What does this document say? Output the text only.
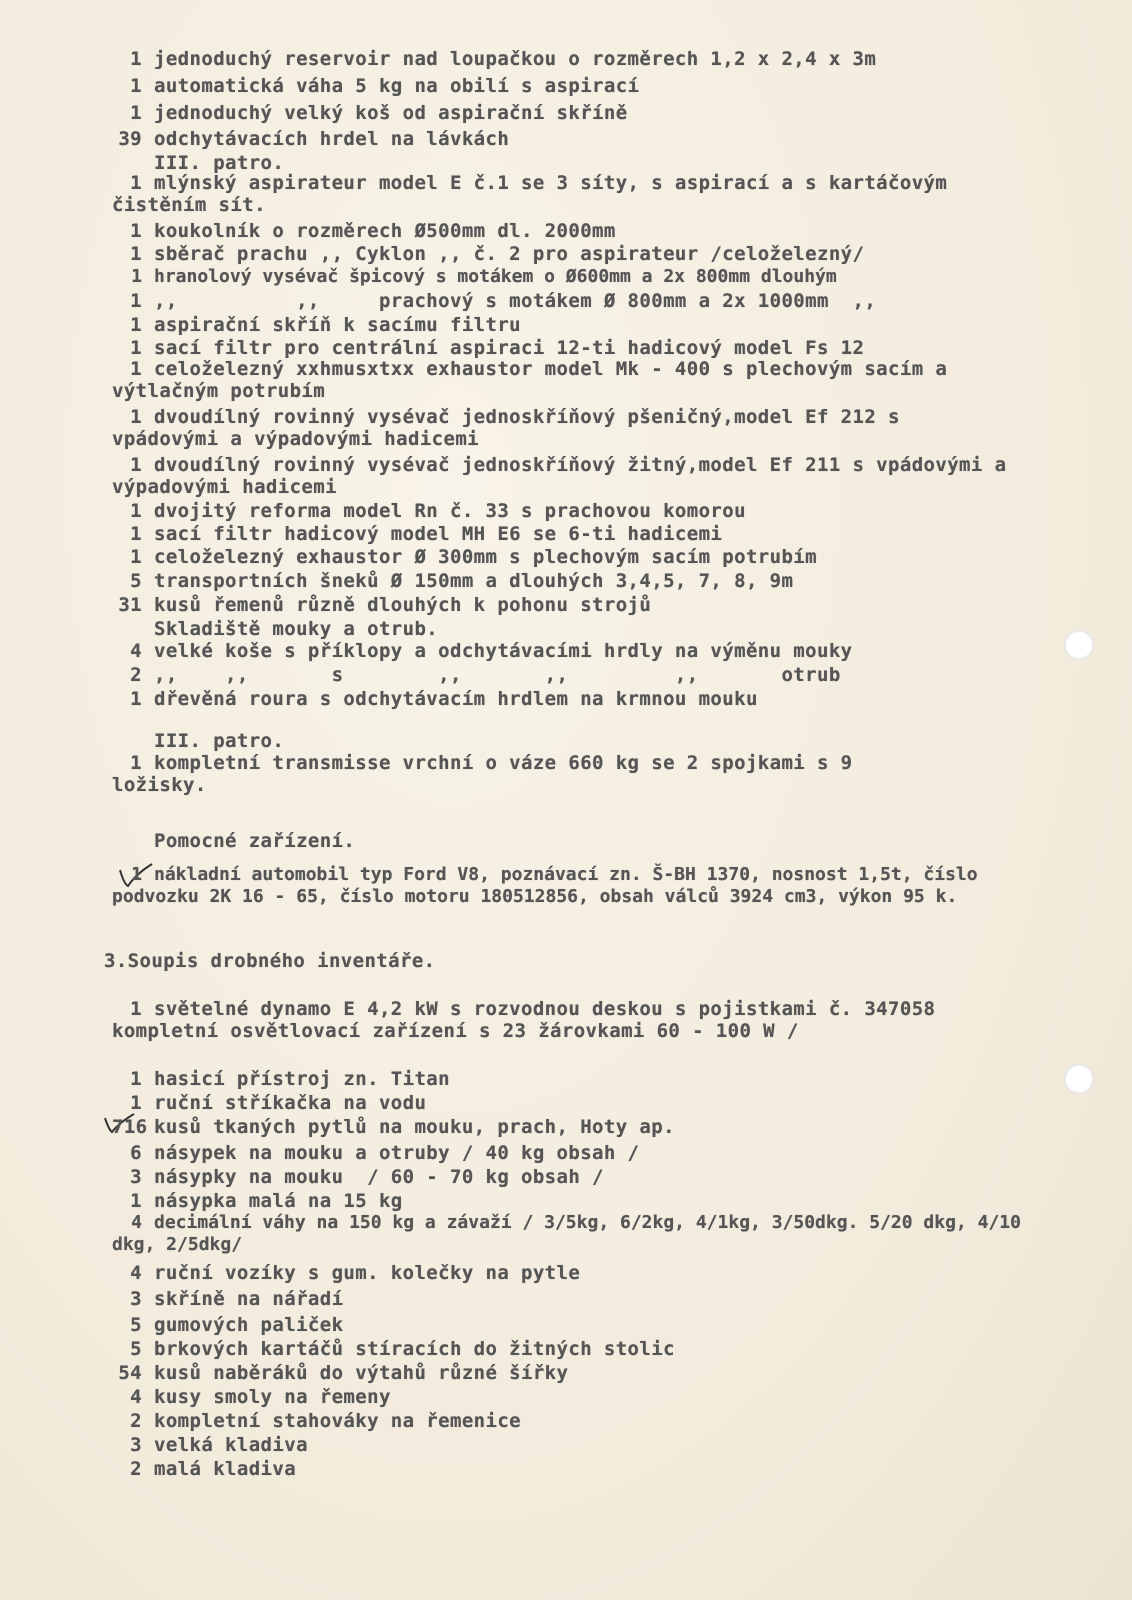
1 jednoduchý reservoir nad loupačkou o rozměrech 1,2 x 2,4 x 3m
1 automatická váha 5 kg na obilí s aspirací
1 jednoduchý velký koš od aspirační skříně
39 odchytávacích hrdel na lávkách
III. patro.
1 mlýnský aspirateur model E č.1 se 3 síty, s aspirací a s kartáčovým čistěním sít.
1 koukolník o rozměrech Ø500mm dl. 2000mm
1 sběrač prachu ,, Cyklon ,, č. 2 pro aspirateur /celoželezný/
1 hranolový vysévač špicový s motákem o Ø600mm a 2x 800mm dlouhým
1 ,,          ,,     prachový s motákem Ø 800mm a 2x 1000mm  ,,
1 aspirační skříň k sacímu filtru
1 sací filtr pro centrální aspiraci 12-ti hadicový model Fs 12
1 celoželezný xxhmusxtxx exhaustor model Mk - 400 s plechovým sacím a výtlačným potrubím
1 dvoudílný rovinný vysévač jednoskříňový pšeničný,model Ef 212 s vpádovými a výpadovými hadicemi
1 dvoudílný rovinný vysévač jednoskříňový žitný,model Ef 211 s vpádovými a výpadovými hadicemi
1 dvojitý reforma model Rn č. 33 s prachovou komorou
1 sací filtr hadicový model MH E6 se 6-ti hadicemi
1 celoželezný exhaustor Ø 300mm s plechovým sacím potrubím
5 transportních šneků Ø 150mm a dlouhých 3,4,5, 7, 8, 9m
31 kusů řemenů různě dlouhých k pohonu strojů
Skladiště mouky a otrub.
4 velké koše s příklopy a odchytávacími hrdly na výměnu mouky
2 ,,    ,,       s        ,,       ,,         ,,       otrub
1 dřevěná roura s odchytávacím hrdlem na krmnou mouku
III. patro.
1 kompletní transmisse vrchní o váze 660 kg se 2 spojkami s 9 ložisky.
Pomocné zařízení.
1 nákladní automobil typ Ford V8, poznávací zn. Š-BH 1370, nosnost 1,5t, číslo podvozku 2K 16 - 65, číslo motoru 180512856, obsah válců 3924 cm3, výkon 95 k.
3.Soupis drobného inventáře.
1 světelné dynamo E 4,2 kW s rozvodnou deskou s pojistkami č. 347058 kompletní osvětlovací zařízení s 23 žárovkami 60 - 100 W /
1 hasicí přístroj zn. Titan
1 ruční stříkačka na vodu
716 kusů tkaných pytlů na mouku, prach, Hoty ap.
6 násypek na mouku a otruby / 40 kg obsah /
3 násypky na mouku  / 60 - 70 kg obsah /
1 násypka malá na 15 kg
4 decimální váhy na 150 kg a závaží / 3/5kg, 6/2kg, 4/1kg, 3/50dkg. 5/20 dkg, 4/10 dkg, 2/5dkg/
4 ruční vozíky s gum. kolečky na pytle
3 skříně na nářadí
5 gumových paliček
5 brkových kartáčů stíracích do žitných stolic
54 kusů naběráků do výtahů různé šířky
4 kusy smoly na řemeny
2 kompletní stahováky na řemenice
3 velká kladiva
2 malá kladiva
